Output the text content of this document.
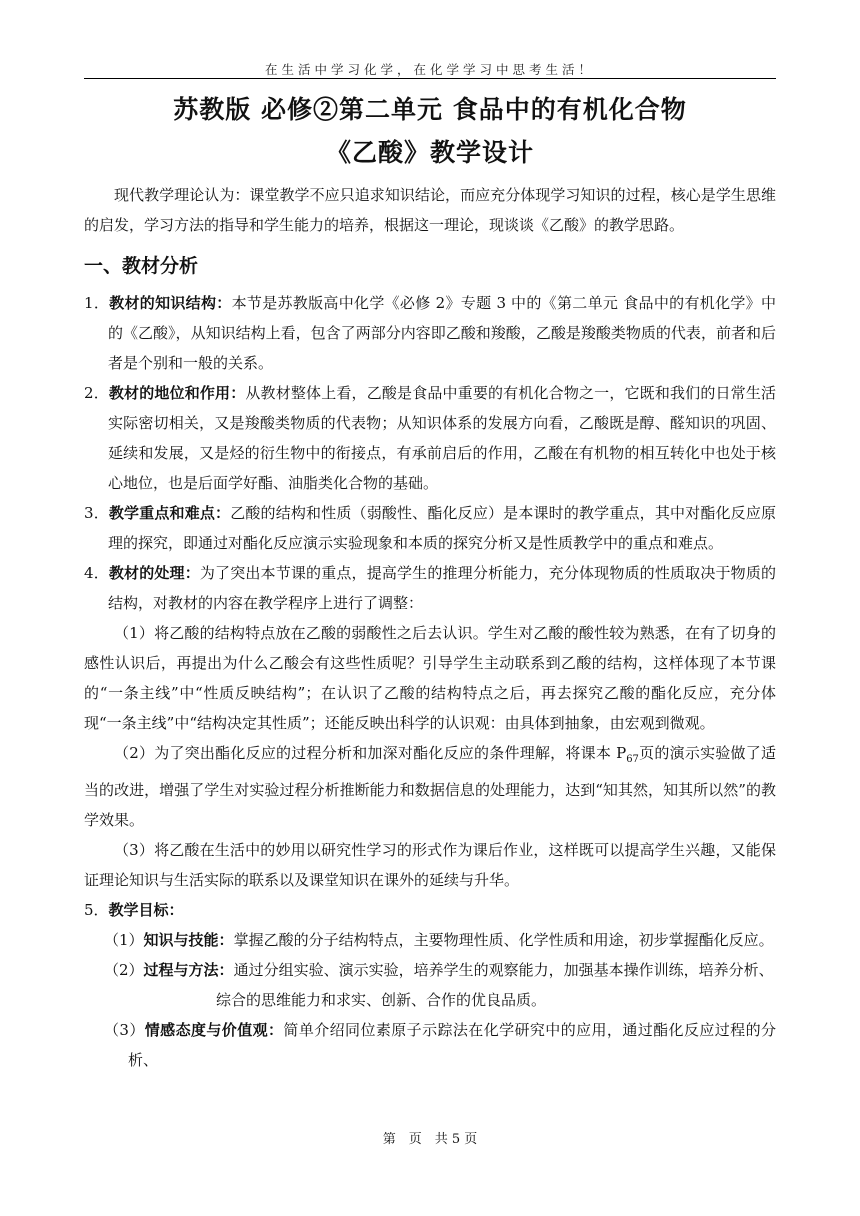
在生活中学习化学，在化学学习中思考生活！
苏教版 必修②第二单元 食品中的有机化合物
《乙酸》教学设计

现代教学理论认为：课堂教学不应只追求知识结论，而应充分体现学习知识的过程，核心是学生思维的启发，学习方法的指导和学生能力的培养，根据这一理论，现谈谈《乙酸》的教学思路。

一、教材分析

1．教材的知识结构：本节是苏教版高中化学《必修 2》专题 3 中的《第二单元 食品中的有机化学》中的《乙酸》，从知识结构上看，包含了两部分内容即乙酸和羧酸，乙酸是羧酸类物质的代表，前者和后者是个别和一般的关系。

2．教材的地位和作用：从教材整体上看，乙酸是食品中重要的有机化合物之一，它既和我们的日常生活实际密切相关，又是羧酸类物质的代表物；从知识体系的发展方向看，乙酸既是醇、醛知识的巩固、延续和发展，又是烃的衍生物中的衔接点，有承前启后的作用，乙酸在有机物的相互转化中也处于核心地位，也是后面学好酯、油脂类化合物的基础。

3．教学重点和难点：乙酸的结构和性质（弱酸性、酯化反应）是本课时的教学重点，其中对酯化反应原理的探究，即通过对酯化反应演示实验现象和本质的探究分析又是性质教学中的重点和难点。

4．教材的处理：为了突出本节课的重点，提高学生的推理分析能力，充分体现物质的性质取决于物质的结构，对教材的内容在教学程序上进行了调整：

（1）将乙酸的结构特点放在乙酸的弱酸性之后去认识。学生对乙酸的酸性较为熟悉，在有了切身的感性认识后，再提出为什么乙酸会有这些性质呢？引导学生主动联系到乙酸的结构，这样体现了本节课的“一条主线”中“性质反映结构”；在认识了乙酸的结构特点之后，再去探究乙酸的酯化反应，充分体现“一条主线”中“结构决定其性质”；还能反映出科学的认识观：由具体到抽象，由宏观到微观。

（2）为了突出酯化反应的过程分析和加深对酯化反应的条件理解，将课本 $P_{67}$页的演示实验做了适当的改进，增强了学生对实验过程分析推断能力和数据信息的处理能力，达到“知其然，知其所以然”的教学效果。

（3）将乙酸在生活中的妙用以研究性学习的形式作为课后作业，这样既可以提高学生兴趣，又能保证理论知识与生活实际的联系以及课堂知识在课外的延续与升华。

5．教学目标：

（1）知识与技能：掌握乙酸的分子结构特点，主要物理性质、化学性质和用途，初步掌握酯化反应。

（2）过程与方法：通过分组实验、演示实验，培养学生的观察能力，加强基本操作训练，培养分析、

综合的思维能力和求实、创新、合作的优良品质。

（3）情感态度与价值观：简单介绍同位素原子示踪法在化学研究中的应用，通过酯化反应过程的分析、

第　页　共 5 页
